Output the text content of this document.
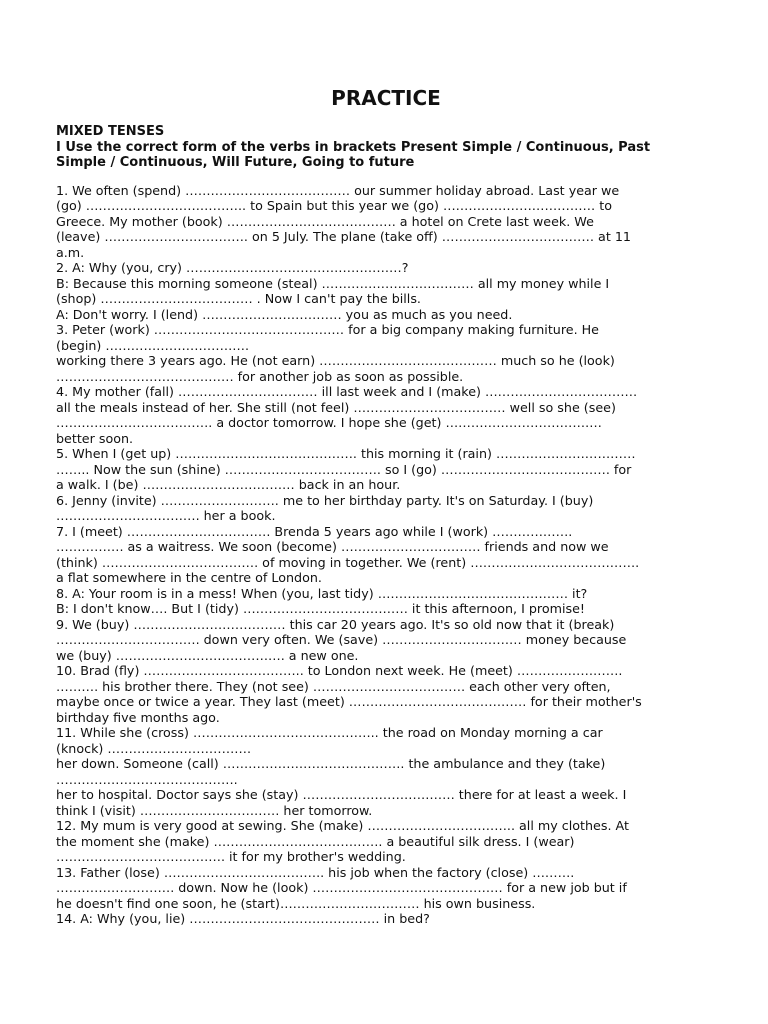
PRACTICE

MIXED TENSES

I Use the correct form of the verbs in brackets Present Simple / Continuous, Past
Simple / Continuous, Will Future, Going to future
1. We often (spend) ………………………………… our summer holiday abroad. Last year we
(go) ……………………………….. to Spain but this year we (go) ……………………………… to
Greece. My mother (book) …………………………………. a hotel on Crete last week. We
(leave) ……………………………. on 5 July. The plane (take off) ……………………………… at 11
a.m.
2. A: Why (you, cry) ……………………………………………?
B: Because this morning someone (steal) ……………………………… all my money while I
(shop) ……………………………… . Now I can't pay the bills.
A: Don't worry. I (lend) …………………………… you as much as you need.
3. Peter (work) ……………………………………… for a big company making furniture. He
(begin) …………………………….
working there 3 years ago. He (not earn) …………………………………… much so he (look)
…………………………………… for another job as soon as possible.
4. My mother (fall) …………………………… ill last week and I (make) ………………………………
all the meals instead of her. She still (not feel) ……………………………… well so she (see)
………………………………. a doctor tomorrow. I hope she (get) ……………………………….
better soon.
5. When I (get up) ……………………………………. this morning it (rain) ……………………………
…….. Now the sun (shine) ………………………………. so I (go) …………………………………. for
a walk. I (be) ……………………………… back in an hour.
6. Jenny (invite) ………………………. me to her birthday party. It's on Saturday. I (buy)
……………………………. her a book.
7. I (meet) ……………………………. Brenda 5 years ago while I (work) ……………….
……………. as a waitress. We soon (become) …………………………… friends and now we
(think) ………………………………. of moving in together. We (rent) ………………………………….
a flat somewhere in the centre of London.
8. A: Your room is in a mess! When (you, last tidy) ……………………………………… it?
B: I don't know…. But I (tidy) ………………………………… it this afternoon, I promise!
9. We (buy) ……………………………… this car 20 years ago. It's so old now that it (break)
……………………………. down very often. We (save) …………………………… money because
we (buy) …………………………………. a new one.
10. Brad (fly) ……………………………….. to London next week. He (meet) …………………….
………. his brother there. They (not see) ……………………………… each other very often,
maybe once or twice a year. They last (meet) …………………………………… for their mother's
birthday five months ago.
11. While she (cross) …………………………………….. the road on Monday morning a car
(knock) …………………………….
her down. Someone (call) ……………………………………. the ambulance and they (take)
…………………………………….
her to hospital. Doctor says she (stay) ……………………………… there for at least a week. I
think I (visit) …………………………… her tomorrow.
12. My mum is very good at sewing. She (make) …………………………….. all my clothes. At
the moment she (make) …………………………………. a beautiful silk dress. I (wear)
…………………………………. it for my brother's wedding.
13. Father (lose) ……………………………….. his job when the factory (close) ……….
………………………. down. Now he (look) ……………………………………… for a new job but if
he doesn't find one soon, he (start)…………………………… his own business.
14. A: Why (you, lie) ……………………………………… in bed?
